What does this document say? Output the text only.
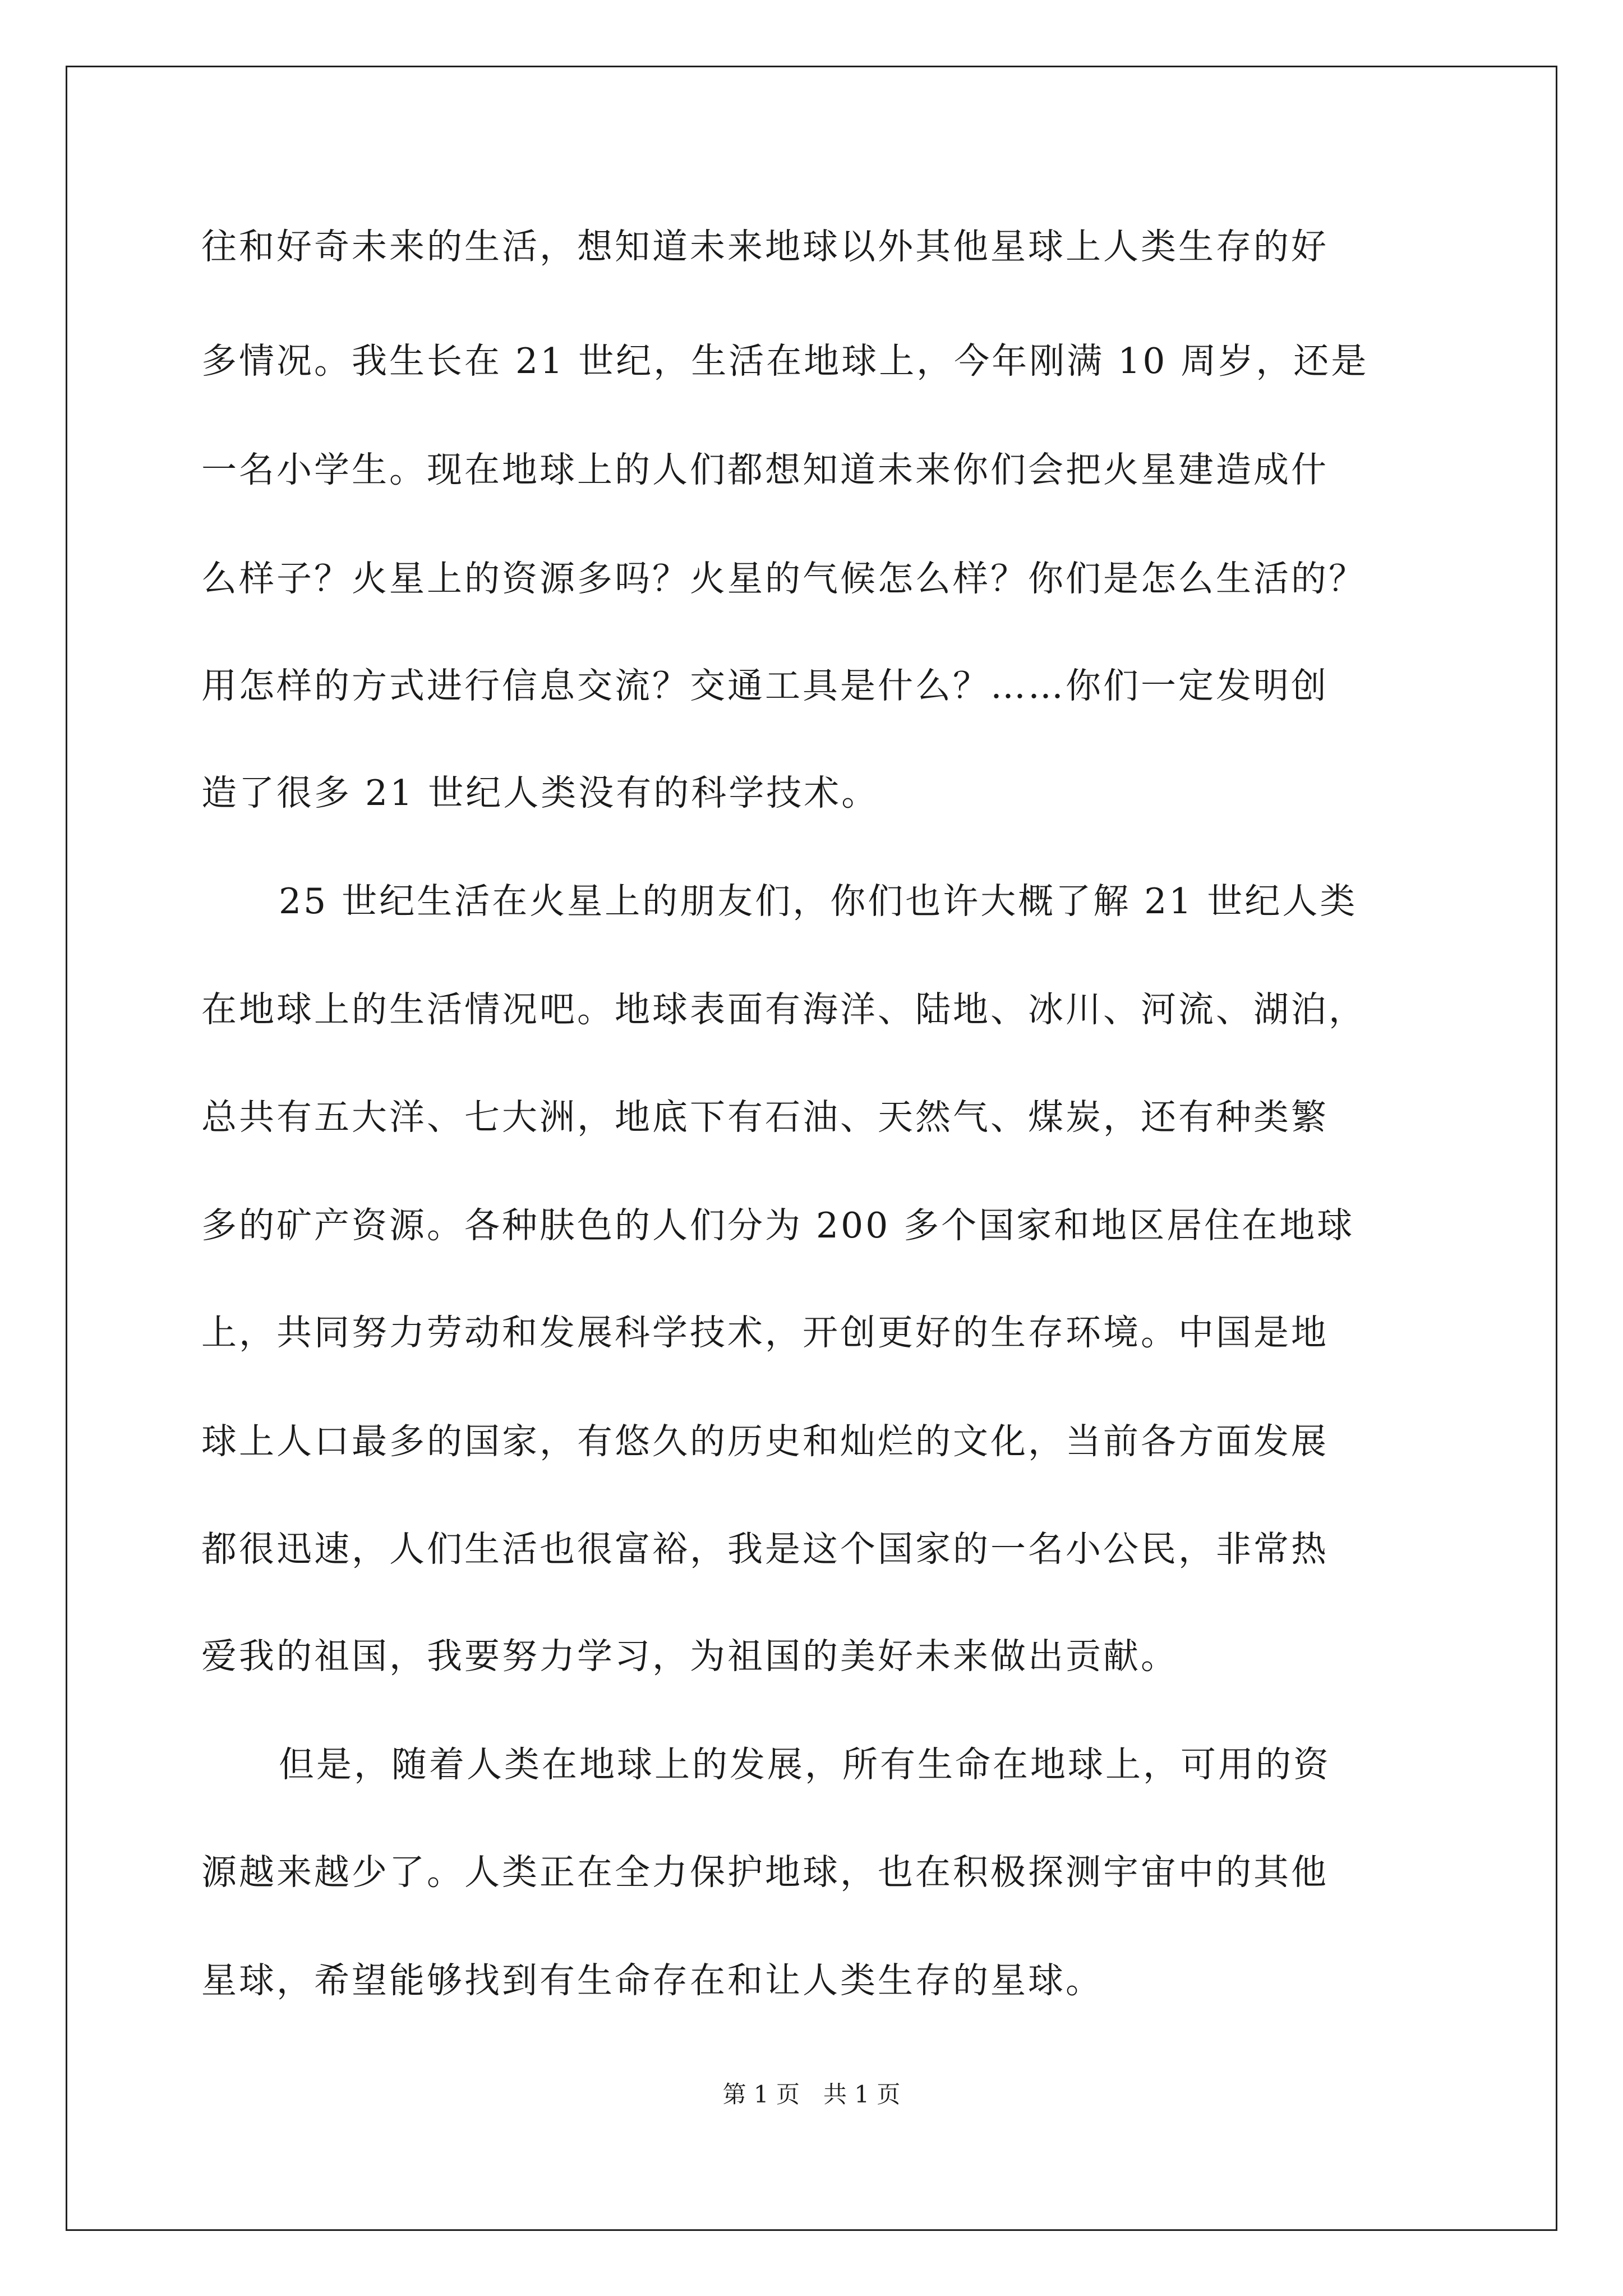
往和好奇未来的生活，想知道未来地球以外其他星球上人类生存的好
多情况。我生长在 21 世纪，生活在地球上，今年刚满 10 周岁，还是
一名小学生。现在地球上的人们都想知道未来你们会把火星建造成什
么样子？火星上的资源多吗？火星的气候怎么样？你们是怎么生活的？
用怎样的方式进行信息交流？交通工具是什么？……你们一定发明创
造了很多 21 世纪人类没有的科学技术。
25 世纪生活在火星上的朋友们，你们也许大概了解 21 世纪人类
在地球上的生活情况吧。地球表面有海洋、陆地、冰川、河流、湖泊，
总共有五大洋、七大洲，地底下有石油、天然气、煤炭，还有种类繁
多的矿产资源。各种肤色的人们分为 200 多个国家和地区居住在地球
上，共同努力劳动和发展科学技术，开创更好的生存环境。中国是地
球上人口最多的国家，有悠久的历史和灿烂的文化，当前各方面发展
都很迅速，人们生活也很富裕，我是这个国家的一名小公民，非常热
爱我的祖国，我要努力学习，为祖国的美好未来做出贡献。
但是，随着人类在地球上的发展，所有生命在地球上，可用的资
源越来越少了。人类正在全力保护地球，也在积极探测宇宙中的其他
星球，希望能够找到有生命存在和让人类生存的星球。
第 1 页　共 1 页
